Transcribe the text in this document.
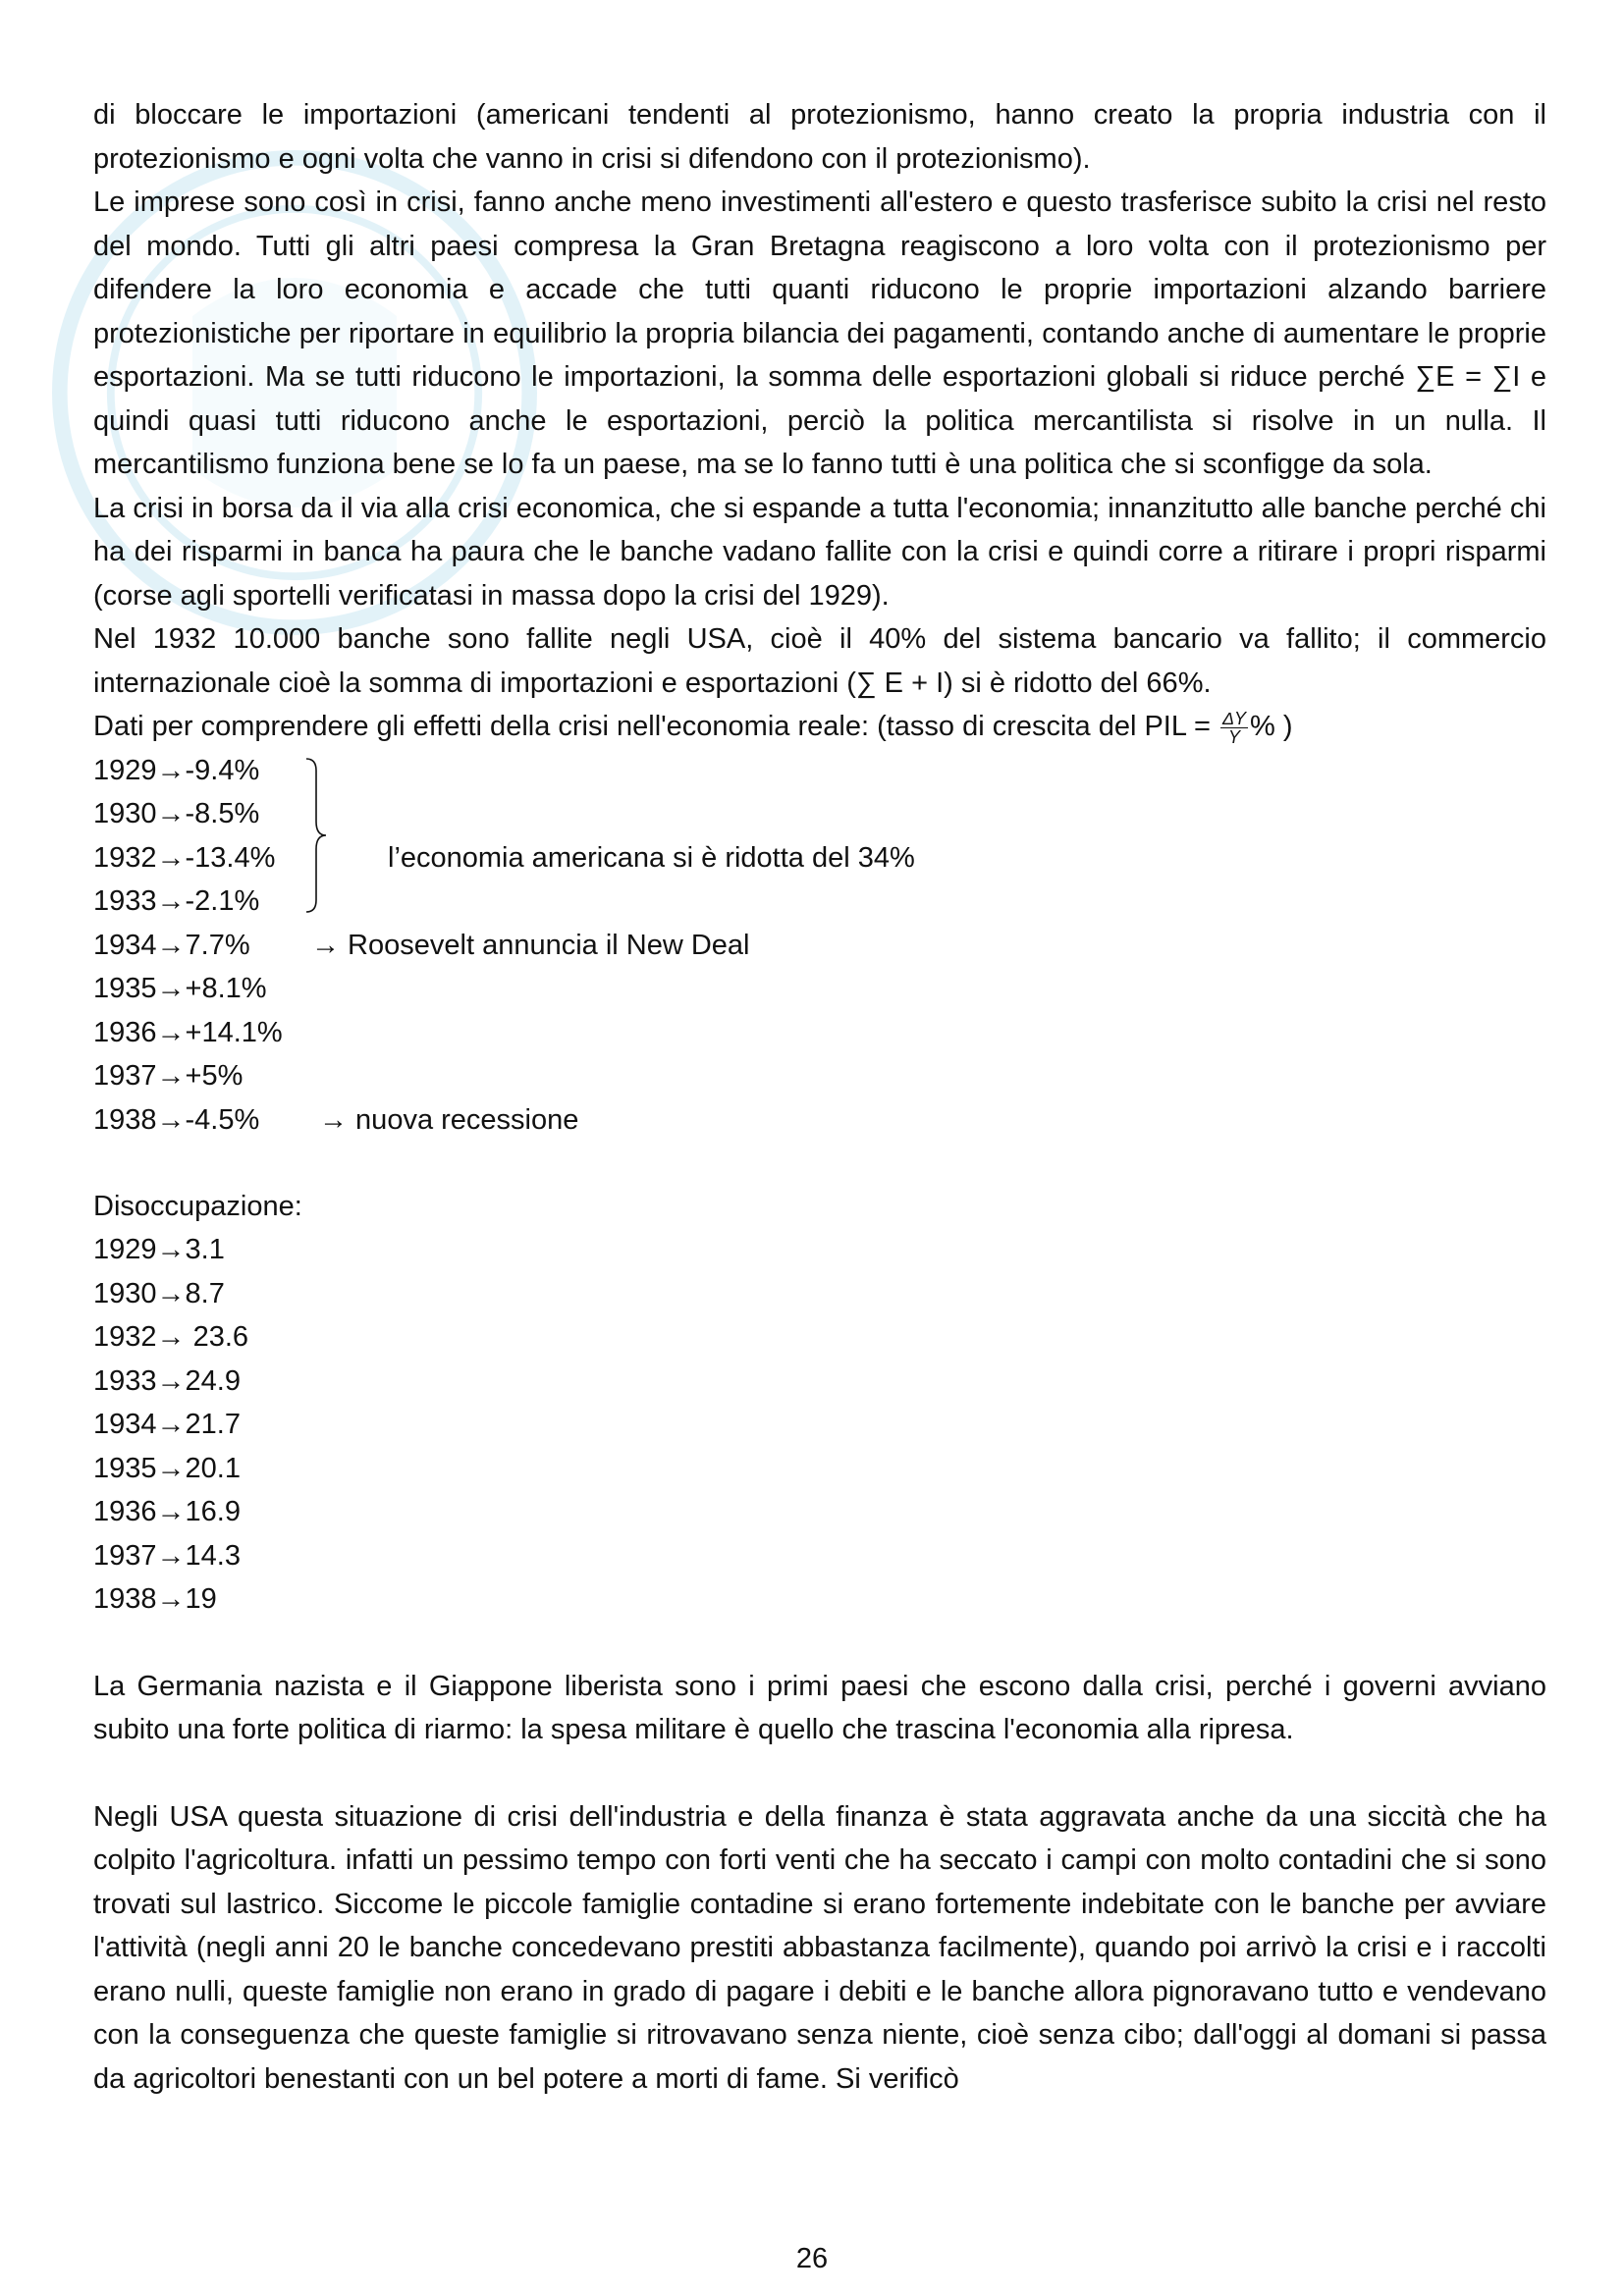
di bloccare le importazioni (americani tendenti al protezionismo, hanno creato la propria industria con il protezionismo e ogni volta che vanno in crisi si difendono con il protezionismo).

Le imprese sono così in crisi, fanno anche meno investimenti all'estero e questo trasferisce subito la crisi nel resto del mondo. Tutti gli altri paesi compresa la Gran Bretagna reagiscono a loro volta con il protezionismo per difendere la loro economia e accade che tutti quanti riducono le proprie importazioni alzando barriere protezionistiche per riportare in equilibrio la propria bilancia dei pagamenti, contando anche di aumentare le proprie esportazioni. Ma se tutti riducono le importazioni, la somma delle esportazioni globali si riduce perché ∑E = ∑I e quindi quasi tutti riducono anche le esportazioni, perciò la politica mercantilista si risolve in un nulla. Il mercantilismo funziona bene se lo fa un paese, ma se lo fanno tutti è una politica che si sconfigge da sola.

La crisi in borsa da il via alla crisi economica, che si espande a tutta l'economia; innanzitutto alle banche perché chi ha dei risparmi in banca ha paura che le banche vadano fallite con la crisi e quindi corre a ritirare i propri risparmi (corse agli sportelli verificatasi in massa dopo la crisi del 1929).

Nel 1932 10.000 banche sono fallite negli USA, cioè il 40% del sistema bancario va fallito; il commercio internazionale cioè la somma di importazioni e esportazioni (∑ E + I) si è ridotto del 66%.

Dati per comprendere gli effetti della crisi nell'economia reale: (tasso di crescita del PIL = $\frac{\Delta Y}{Y}$ % )

1929→-9.4%
1930→-8.5%
1932→-13.4%
1933→-2.1%
1934→7.7%
1935→+8.1%
1936→+14.1%
1937→+5%
1938→-4.5%
l’economia americana si è ridotta del 34%
→ Roosevelt annuncia il New Deal
→ nuova recessione

Disoccupazione:

1929→3.1

1930→8.7

1932→ 23.6

1933→24.9

1934→21.7

1935→20.1

1936→16.9

1937→14.3

1938→19

La Germania nazista e il Giappone liberista sono i primi paesi che escono dalla crisi, perché i governi avviano subito una forte politica di riarmo: la spesa militare è quello che trascina l'economia alla ripresa.

Negli USA questa situazione di crisi dell'industria e della finanza è stata aggravata anche da una siccità che ha colpito l'agricoltura. infatti un pessimo tempo con forti venti che ha seccato i campi con molto contadini che si sono trovati sul lastrico. Siccome le piccole famiglie contadine si erano fortemente indebitate con le banche per avviare l'attività (negli anni 20 le banche concedevano prestiti abbastanza facilmente), quando poi arrivò la crisi e i raccolti erano nulli, queste famiglie non erano in grado di pagare i debiti e le banche allora pignoravano tutto e vendevano con la conseguenza che queste famiglie si ritrovavano senza niente, cioè senza cibo; dall'oggi al domani si passa da agricoltori benestanti con un bel potere a morti di fame. Si verificò

26
